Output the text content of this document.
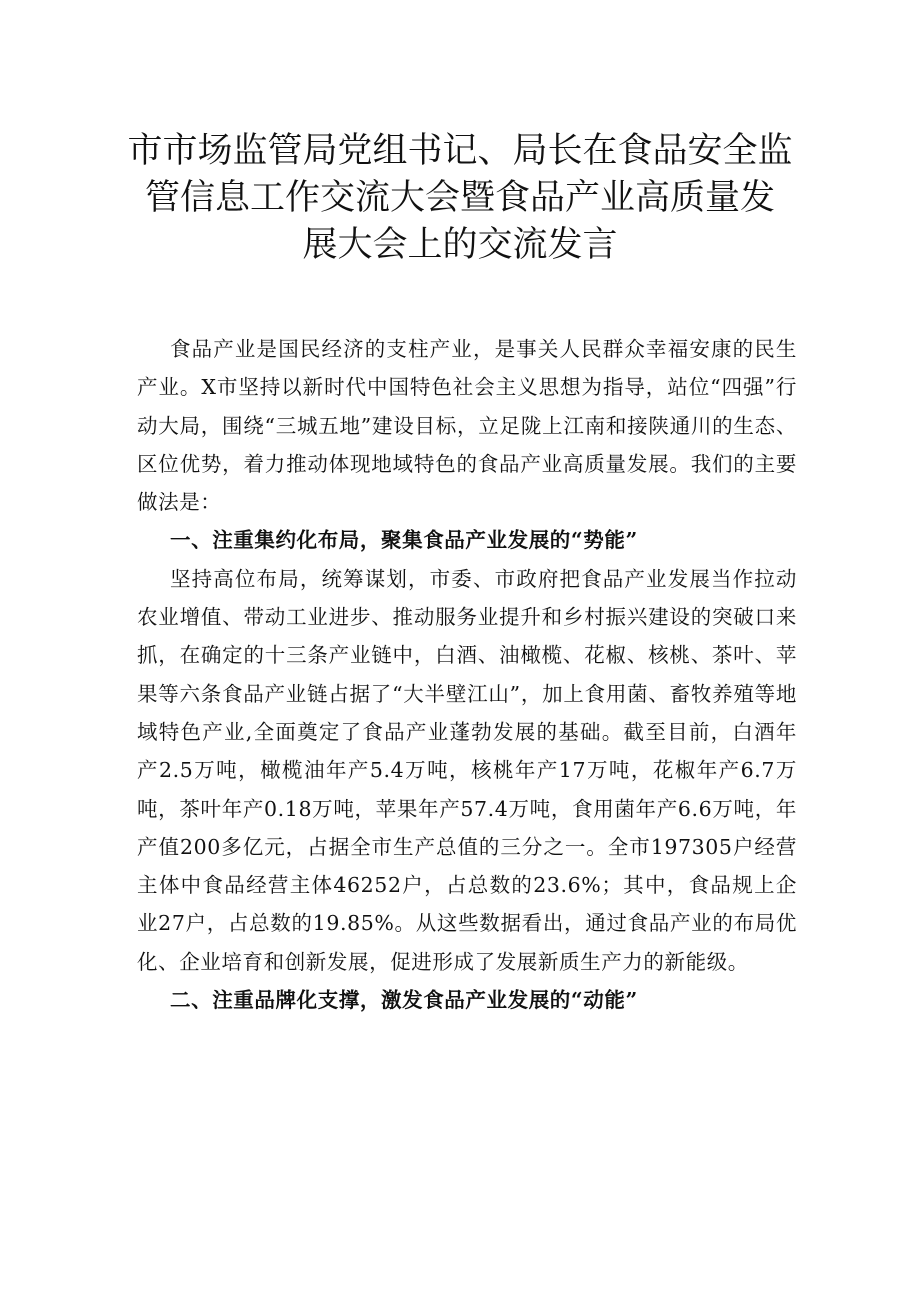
市市场监管局党组书记、局长在食品安全监
管信息工作交流大会暨食品产业高质量发
展大会上的交流发言

食品产业是国民经济的支柱产业，是事关人民群众幸福安康的民生产业。X市坚持以新时代中国特色社会主义思想为指导，站位“四强”行动大局，围绕“三城五地”建设目标，立足陇上江南和接陕通川的生态、区位优势，着力推动体现地域特色的食品产业高质量发展。我们的主要做法是：

一、注重集约化布局，聚集食品产业发展的“势能”

坚持高位布局，统筹谋划，市委、市政府把食品产业发展当作拉动农业增值、带动工业进步、推动服务业提升和乡村振兴建设的突破口来抓，在确定的十三条产业链中，白酒、油橄榄、花椒、核桃、茶叶、苹果等六条食品产业链占据了“大半壁江山”，加上食用菌、畜牧养殖等地域特色产业,全面奠定了食品产业蓬勃发展的基础。截至目前，白酒年产2.5万吨，橄榄油年产5.4万吨，核桃年产17万吨，花椒年产6.7万吨，茶叶年产0.18万吨，苹果年产57.4万吨，食用菌年产6.6万吨，年产值200多亿元，占据全市生产总值的三分之一。全市197305户经营主体中食品经营主体46252户，占总数的23.6%；其中，食品规上企业27户，占总数的19.85%。从这些数据看出，通过食品产业的布局优化、企业培育和创新发展，促进形成了发展新质生产力的新能级。

二、注重品牌化支撑，激发食品产业发展的“动能”
